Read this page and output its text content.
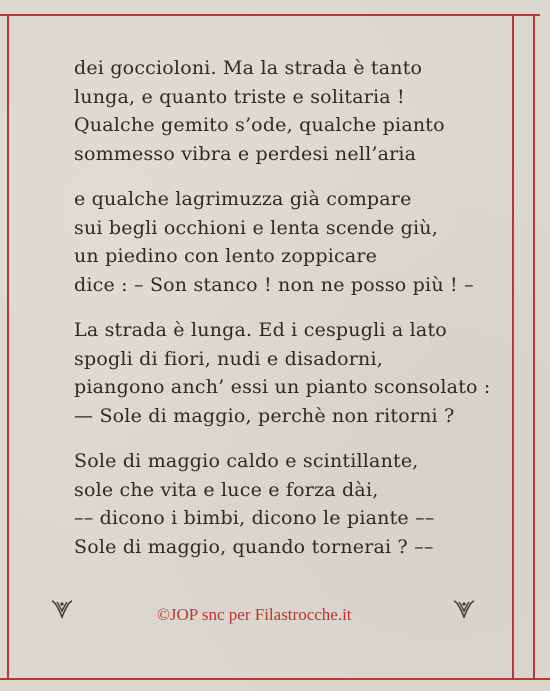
dei goccioloni. Ma la strada è tanto
lunga, e quanto triste e solitaria !
Qualche gemito s’ode, qualche pianto
sommesso vibra e perdesi nell’aria
e qualche lagrimuzza già compare
sui begli occhioni e lenta scende giù,
un piedino con lento zoppicare
dice : – Son stanco ! non ne posso più ! –
La strada è lunga. Ed i cespugli a lato
spogli di fiori, nudi e disadorni,
piangono anch’ essi un pianto sconsolato :
— Sole di maggio, perchè non ritorni ?
Sole di maggio caldo e scintillante,
sole che vita e luce e forza dài,
–– dicono i bimbi, dicono le piante ––
Sole di maggio, quando tornerai ? ––
©JOP snc per Filastrocche.it
